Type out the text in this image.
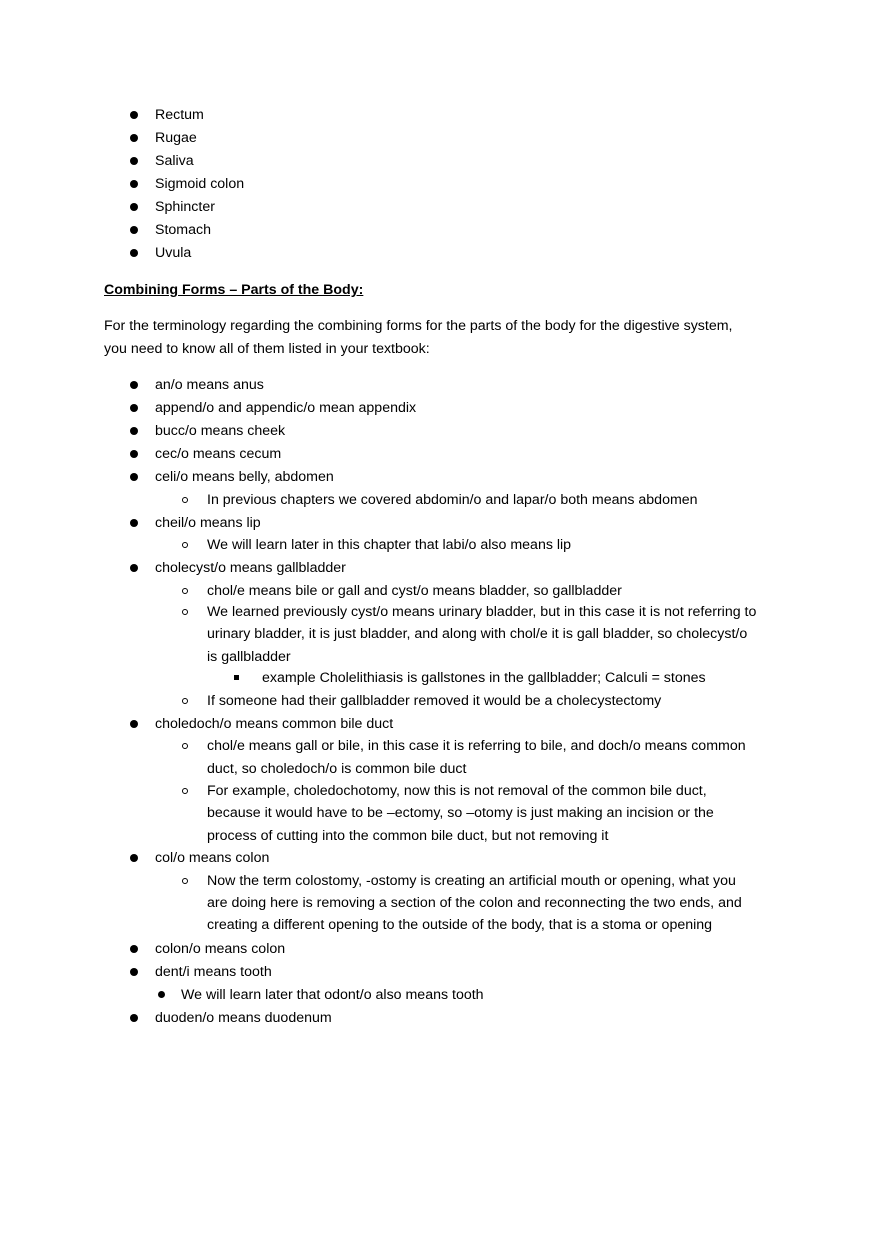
Rectum
Rugae
Saliva
Sigmoid colon
Sphincter
Stomach
Uvula
Combining Forms – Parts of the Body:
For the terminology regarding the combining forms for the parts of the body for the digestive system,
you need to know all of them listed in your textbook:
an/o means anus
append/o and appendic/o mean appendix
bucc/o means cheek
cec/o means cecum
celi/o means belly, abdomen
In previous chapters we covered abdomin/o and lapar/o both means abdomen
cheil/o means lip
We will learn later in this chapter that labi/o also means lip
cholecyst/o means gallbladder
chol/e means bile or gall and cyst/o means bladder, so gallbladder
We learned previously cyst/o means urinary bladder, but in this case it is not referring to
urinary bladder, it is just bladder, and along with chol/e it is gall bladder, so cholecyst/o
is gallbladder
example Cholelithiasis is gallstones in the gallbladder; Calculi = stones
If someone had their gallbladder removed it would be a cholecystectomy
choledoch/o means common bile duct
chol/e means gall or bile, in this case it is referring to bile, and doch/o means common
duct, so choledoch/o is common bile duct
For example, choledochotomy, now this is not removal of the common bile duct,
because it would have to be –ectomy, so –otomy is just making an incision or the
process of cutting into the common bile duct, but not removing it
col/o means colon
Now the term colostomy, -ostomy is creating an artificial mouth or opening, what you
are doing here is removing a section of the colon and reconnecting the two ends, and
creating a different opening to the outside of the body, that is a stoma or opening
colon/o means colon
dent/i means tooth
We will learn later that odont/o also means tooth
duoden/o means duodenum
